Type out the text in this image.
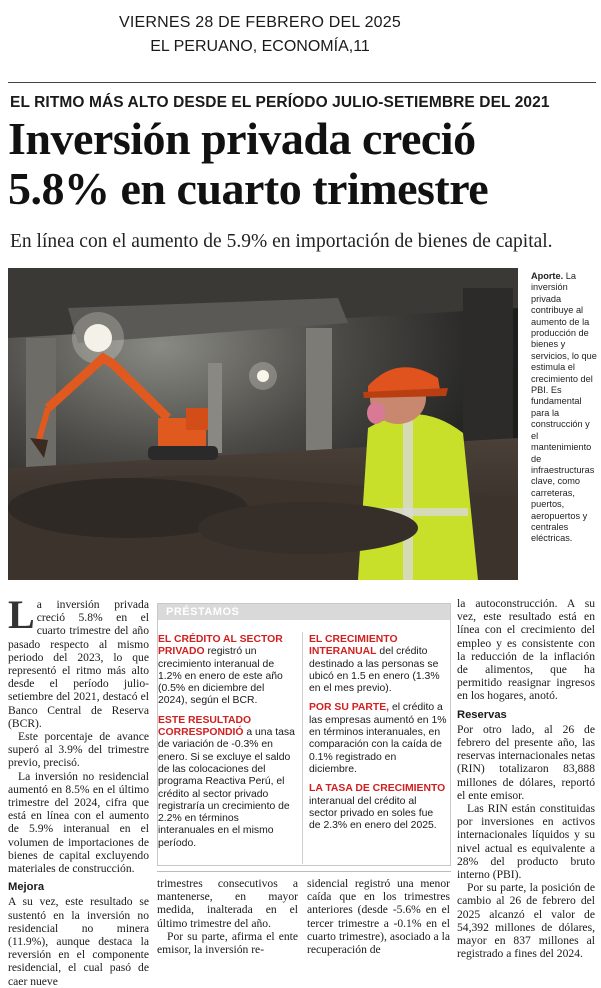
VIERNES 28 DE FEBRERO DEL 2025
EL PERUANO, ECONOMÍA,11
EL RITMO MÁS ALTO DESDE EL PERÍODO JULIO-SETIEMBRE DEL 2021
Inversión privada creció
5.8% en cuarto trimestre
En línea con el aumento de 5.9% en importación de bienes de capital.
Aporte. La inversión privada contribuye al aumento de la producción de bienes y servicios, lo que estimula el crecimiento del PBI. Es fundamental para la construcción y el mantenimiento de infraestructuras clave, como carreteras, puertos, aeropuertos y centrales eléctricas.

La inversión privada creció 5.8% en el cuarto trimestre del año pasado respecto al mismo periodo del 2023, lo que representó el ritmo más alto desde el período julio-setiembre del 2021, destacó el Banco Central de Reserva (BCR).

Este porcentaje de avance superó al 3.9% del trimestre previo, precisó.

La inversión no residencial aumentó en 8.5% en el último trimestre del 2024, cifra que está en línea con el aumento de 5.9% interanual en el volumen de importaciones de bienes de capital excluyendo materiales de construcción.

Mejora

A su vez, este resultado se sustentó en la inversión no residencial no minera (11.9%), aunque destaca la reversión en el componente residencial, el cual pasó de caer nueve

PRÉSTAMOS

EL CRÉDITO AL SECTOR PRIVADO registró un crecimiento interanual de 1.2% en enero de este año (0.5% en diciembre del 2024), según el BCR.

ESTE RESULTADO CORRESPONDIÓ a una tasa de variación de -0.3% en enero. Si se excluye el saldo de las colocaciones del programa Reactiva Perú, el crédito al sector privado registraría un crecimiento de 2.2% en términos interanuales en el mismo período.

EL CRECIMIENTO INTERANUAL del crédito destinado a las personas se ubicó en 1.5 en enero (1.3% en el mes previo).

POR SU PARTE, el crédito a las empresas aumentó en 1% en términos interanuales, en comparación con la caída de 0.1% registrado en diciembre.

LA TASA DE CRECIMIENTO interanual del crédito al sector privado en soles fue de 2.3% en enero del 2025.

trimestres consecutivos a mantenerse, en mayor medida, inalterada en el último trimestre del año.

Por su parte, afirma el ente emisor, la inversión re-

sidencial registró una menor caída que en los trimestres anteriores (desde -5.6% en el tercer trimestre a -0.1% en el cuarto trimestre), asociado a la recuperación de

la autoconstrucción. A su vez, este resultado está en línea con el crecimiento del empleo y es consistente con la reducción de la inflación de alimentos, que ha permitido reasignar ingresos en los hogares, anotó.

Reservas

Por otro lado, al 26 de febrero del presente año, las reservas internacionales netas (RIN) totalizaron 83,888 millones de dólares, reportó el ente emisor.

Las RIN están constituidas por inversiones en activos internacionales líquidos y su nivel actual es equivalente a 28% del producto bruto interno (PBI).

Por su parte, la posición de cambio al 26 de febrero del 2025 alcanzó el valor de 54,392 millones de dólares, mayor en 837 millones al registrado a fines del 2024.
